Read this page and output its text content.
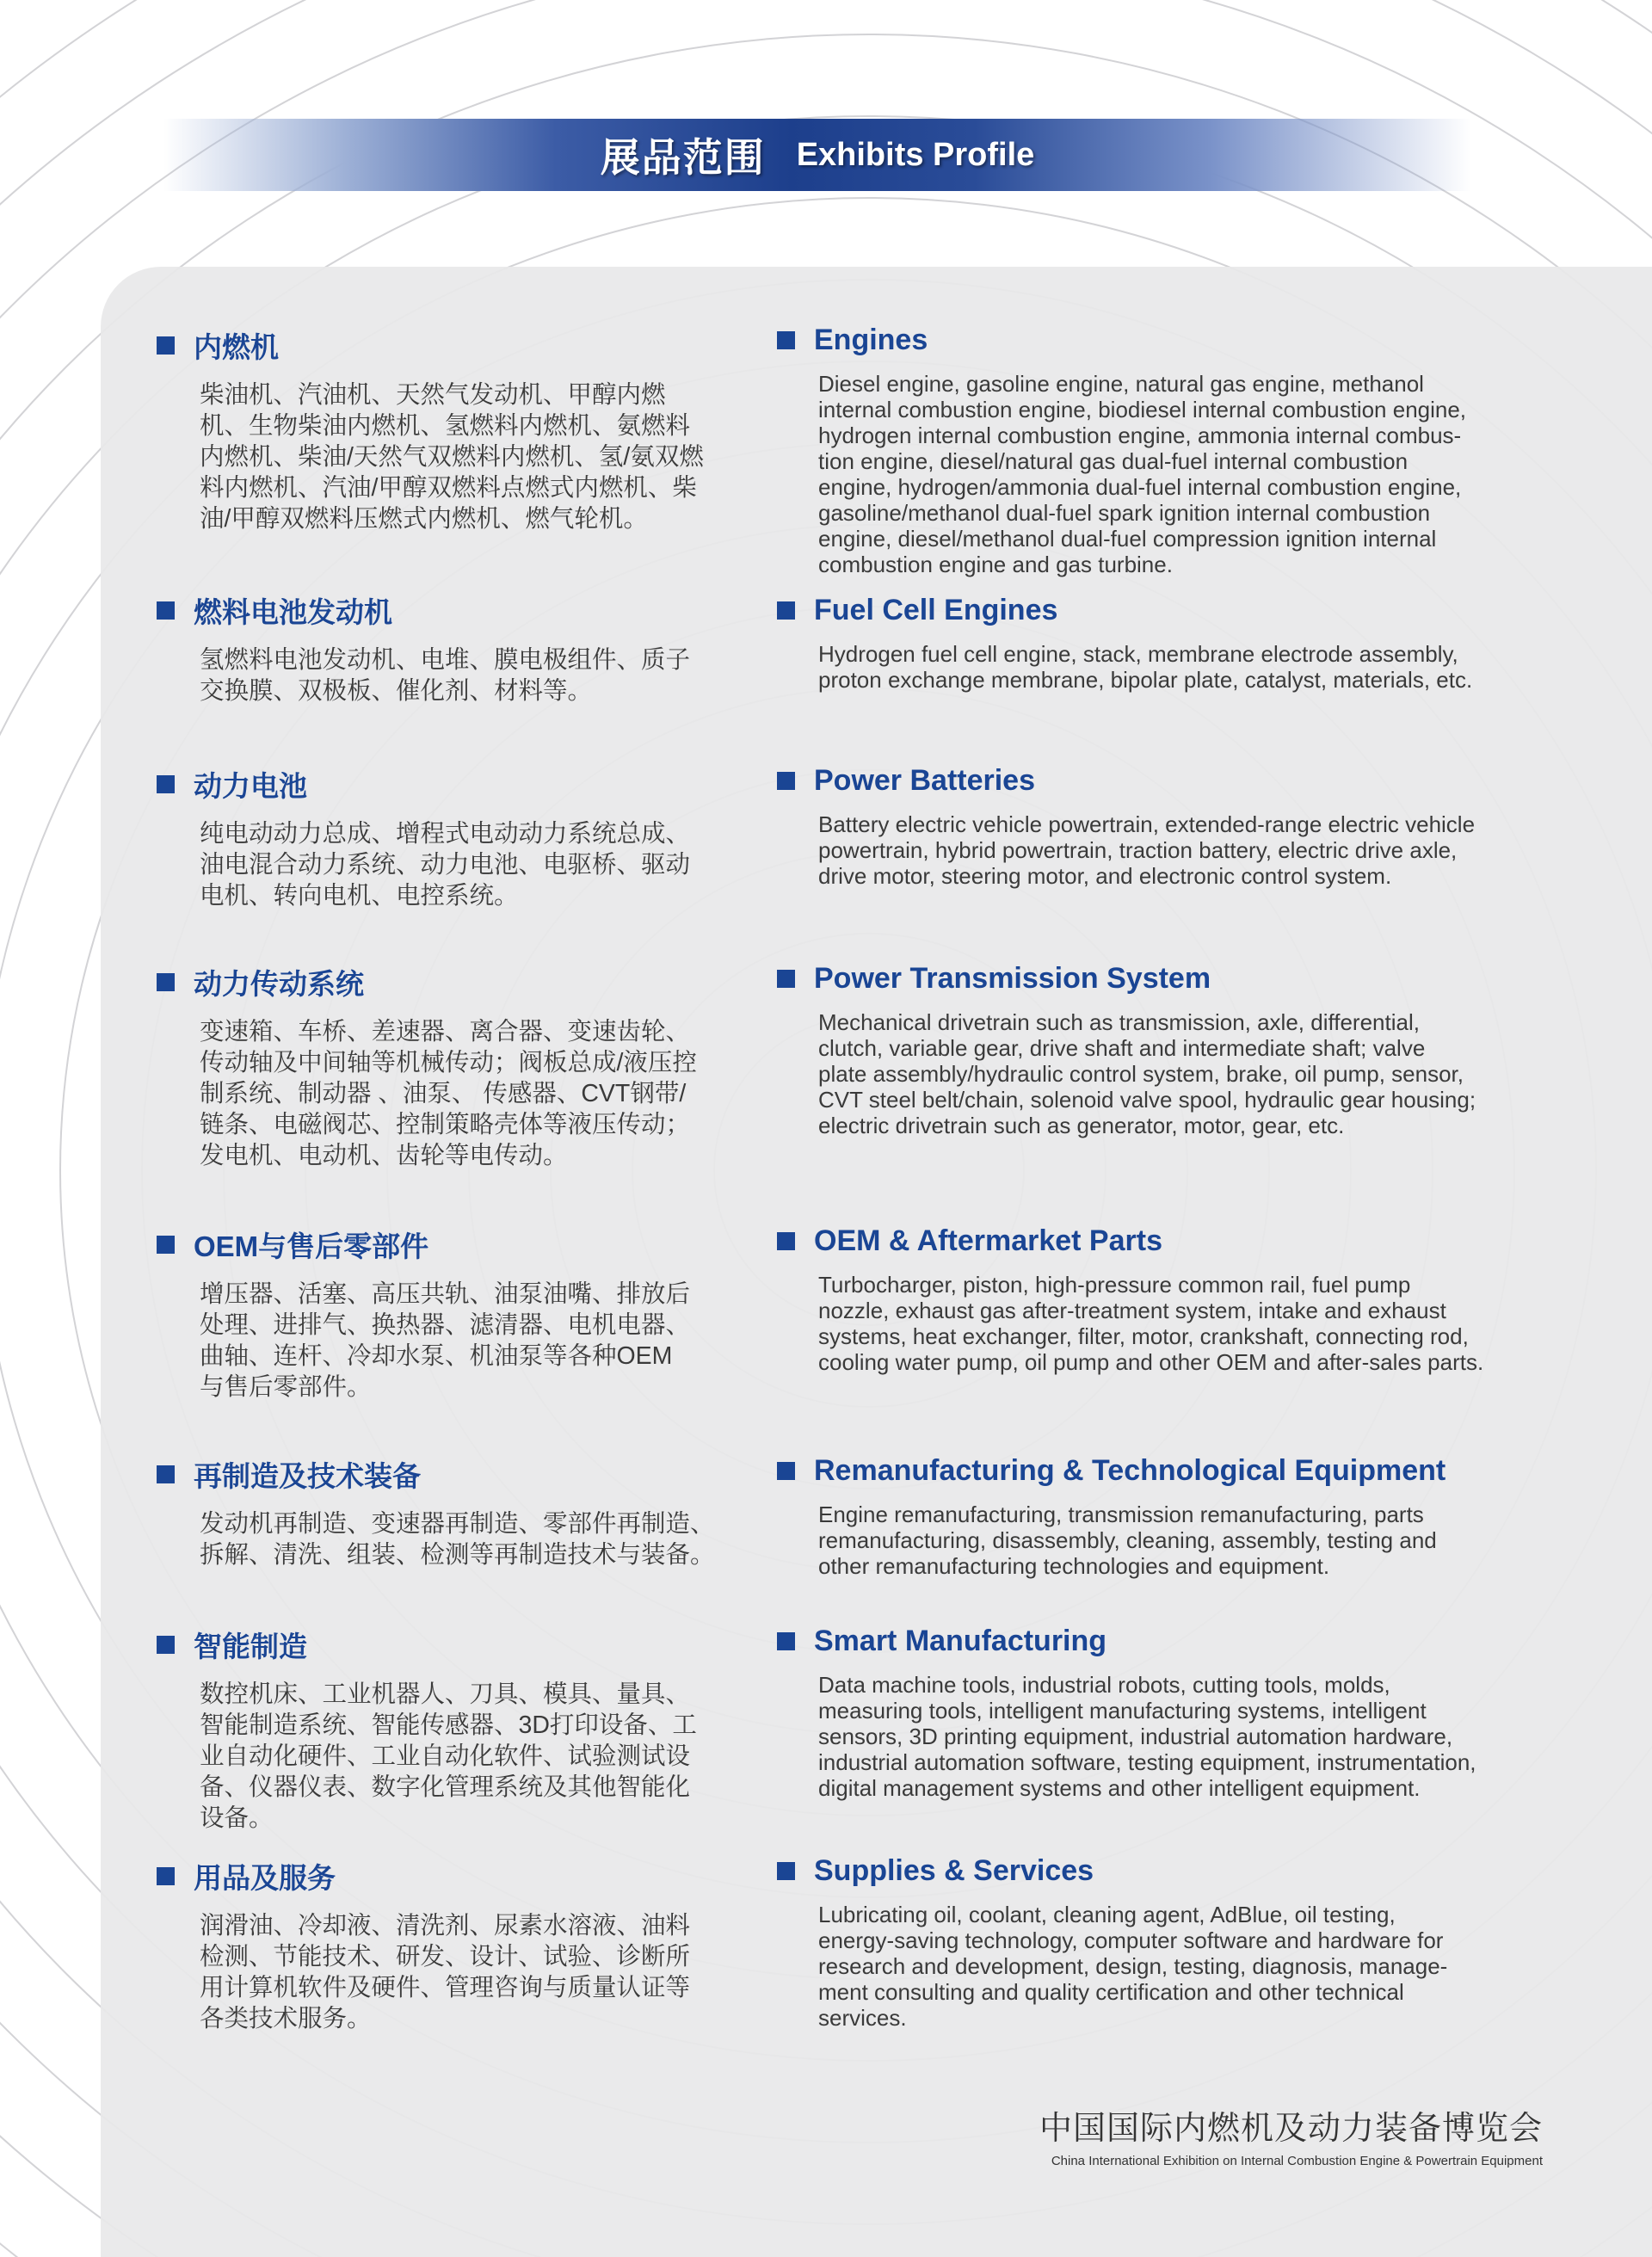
展品范围 Exhibits Profile
内燃机

柴油机、汽油机、天然气发动机、甲醇内燃

机、生物柴油内燃机、氢燃料内燃机、氨燃料

内燃机、柴油/天然气双燃料内燃机、氢/氨双燃

料内燃机、汽油/甲醇双燃料点燃式内燃机、柴

油/甲醇双燃料压燃式内燃机、燃气轮机。

燃料电池发动机

氢燃料电池发动机、电堆、膜电极组件、质子

交换膜、双极板、催化剂、材料等。

动力电池

纯电动动力总成、增程式电动动力系统总成、

油电混合动力系统、动力电池、电驱桥、驱动

电机、转向电机、电控系统。

动力传动系统

变速箱、车桥、差速器、离合器、变速齿轮、

传动轴及中间轴等机械传动；阀板总成/液压控

制系统、制动器 、油泵、 传感器、CVT钢带/

链条、电磁阀芯、控制策略壳体等液压传动；

发电机、电动机、齿轮等电传动。

OEM与售后零部件

增压器、活塞、高压共轨、油泵油嘴、排放后

处理、进排气、换热器、滤清器、电机电器、

曲轴、连杆、冷却水泵、机油泵等各种OEM

与售后零部件。

再制造及技术装备

发动机再制造、变速器再制造、零部件再制造、

拆解、清洗、组装、检测等再制造技术与装备。

智能制造

数控机床、工业机器人、刀具、模具、量具、

智能制造系统、智能传感器、3D打印设备、工

业自动化硬件、工业自动化软件、试验测试设

备、仪器仪表、数字化管理系统及其他智能化

设备。

用品及服务

润滑油、冷却液、清洗剂、尿素水溶液、油料

检测、节能技术、研发、设计、试验、诊断所

用计算机软件及硬件、管理咨询与质量认证等

各类技术服务。

Engines

Diesel engine, gasoline engine, natural gas engine, methanol

internal combustion engine, biodiesel internal combustion engine,

hydrogen internal combustion engine, ammonia internal combus-

tion engine, diesel/natural gas dual-fuel internal combustion

engine, hydrogen/ammonia dual-fuel internal combustion engine,

gasoline/methanol dual-fuel spark ignition internal combustion

engine, diesel/methanol dual-fuel compression ignition internal

combustion engine and gas turbine.

Fuel Cell Engines

Hydrogen fuel cell engine, stack, membrane electrode assembly,

proton exchange membrane, bipolar plate, catalyst, materials, etc.

Power Batteries

Battery electric vehicle powertrain, extended-range electric vehicle

powertrain, hybrid powertrain, traction battery, electric drive axle,

drive motor, steering motor, and electronic control system.

Power Transmission System

Mechanical drivetrain such as transmission, axle, differential,

clutch, variable gear, drive shaft and intermediate shaft; valve

plate assembly/hydraulic control system, brake, oil pump, sensor,

CVT steel belt/chain, solenoid valve spool, hydraulic gear housing;

electric drivetrain such as generator, motor, gear, etc.

OEM & Aftermarket Parts

Turbocharger, piston, high-pressure common rail, fuel pump

nozzle, exhaust gas after-treatment system, intake and exhaust

systems, heat exchanger, filter, motor, crankshaft, connecting rod,

cooling water pump, oil pump and other OEM and after-sales parts.

Remanufacturing & Technological Equipment

Engine remanufacturing, transmission remanufacturing, parts

remanufacturing, disassembly, cleaning, assembly, testing and

other remanufacturing technologies and equipment.

Smart Manufacturing

Data machine tools, industrial robots, cutting tools, molds,

measuring tools, intelligent manufacturing systems, intelligent

sensors, 3D printing equipment, industrial automation hardware,

industrial automation software, testing equipment, instrumentation,

digital management systems and other intelligent equipment.

Supplies & Services

Lubricating oil, coolant, cleaning agent, AdBlue, oil testing,

energy-saving technology, computer software and hardware for

research and development, design, testing, diagnosis, manage-

ment consulting and quality certification and other technical

services.

中国国际内燃机及动力装备博览会
China International Exhibition on Internal Combustion Engine & Powertrain Equipment
